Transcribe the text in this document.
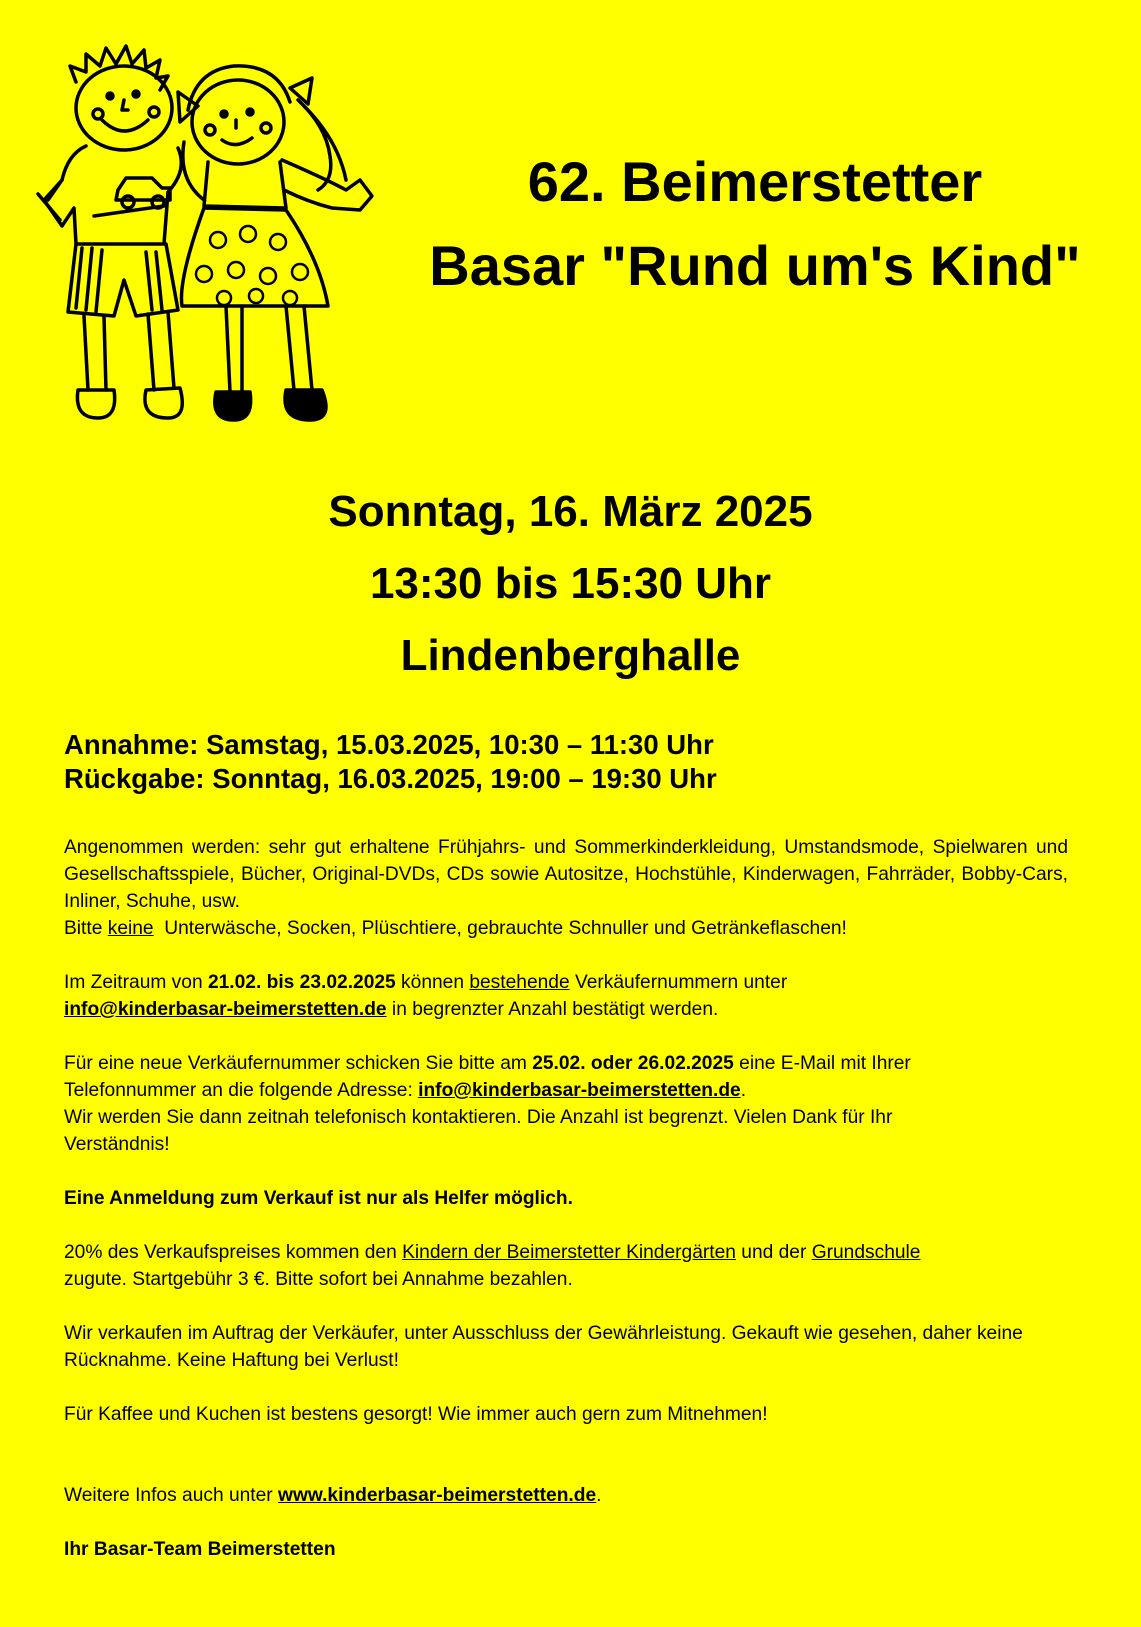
62. Beimerstetter
Basar "Rund um's Kind"
Sonntag, 16. März 2025
13:30 bis 15:30 Uhr
Lindenberghalle
Annahme: Samstag, 15.03.2025, 10:30 – 11:30 Uhr
Rückgabe: Sonntag, 16.03.2025, 19:00 – 19:30 Uhr

Angenommen werden: sehr gut erhaltene Frühjahrs- und Sommerkinderkleidung, Umstandsmode, Spielwaren und Gesellschaftsspiele, Bücher, Original-DVDs, CDs sowie Autositze, Hochstühle, Kinderwagen, Fahrräder, Bobby-Cars, Inliner, Schuhe, usw.
Bitte keine  Unterwäsche, Socken, Plüschtiere, gebrauchte Schnuller und Getränkeflaschen!

Im Zeitraum von 21.02. bis 23.02.2025 können bestehende Verkäufernummern unter
info@kinderbasar-beimerstetten.de in begrenzter Anzahl bestätigt werden.

Für eine neue Verkäufernummer schicken Sie bitte am 25.02. oder 26.02.2025 eine E-Mail mit Ihrer
Telefonnummer an die folgende Adresse: info@kinderbasar-beimerstetten.de.
Wir werden Sie dann zeitnah telefonisch kontaktieren. Die Anzahl ist begrenzt. Vielen Dank für Ihr Verständnis!

Eine Anmeldung zum Verkauf ist nur als Helfer möglich.

20% des Verkaufspreises kommen den Kindern der Beimerstetter Kindergärten und der Grundschule
zugute. Startgebühr 3 €. Bitte sofort bei Annahme bezahlen.

Wir verkaufen im Auftrag der Verkäufer, unter Ausschluss der Gewährleistung. Gekauft wie gesehen, daher keine Rücknahme. Keine Haftung bei Verlust!

Für Kaffee und Kuchen ist bestens gesorgt! Wie immer auch gern zum Mitnehmen!

Weitere Infos auch unter www.kinderbasar-beimerstetten.de.

Ihr Basar-Team Beimerstetten
